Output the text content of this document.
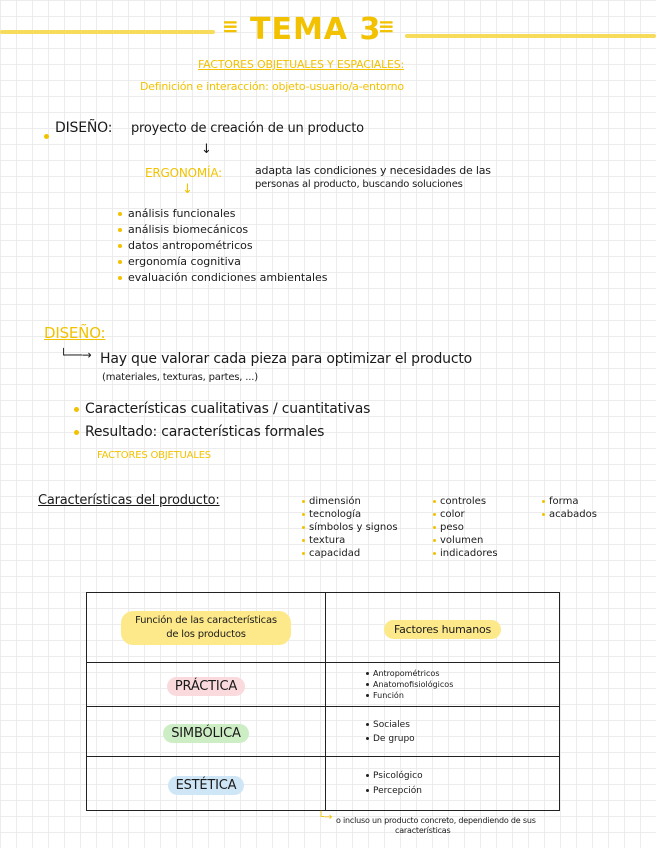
≡	≡
TEMA 3
FACTORES OBJETUALES Y ESPACIALES:
Definición e interacción: objeto-usuario/a-entorno
DISEÑO: proyecto de creación de un producto
↓
ERGONOMÍA:	adapta las condiciones y necesidades de las
personas al producto, buscando soluciones
↓
análisis funcionales
análisis biomecánicos
datos antropométricos
ergonomía cognitiva
evaluación condiciones ambientales
DISEÑO:
└──→ Hay que valorar cada pieza para optimizar el producto
(materiales, texturas, partes, ...)
Características cualitativas / cuantitativas
Resultado: características formales
FACTORES OBJETUALES
Características del producto:	dimensión
tecnología
símbolos y signos
textura
capacidad
controles
color
peso
volumen
indicadores
forma
acabados
Función de las características de los productos	Factores humanos
PRÁCTICA	Antropométricos
Anatomofisiológicos
Función

SIMBÓLICA	Sociales
De grupo

ESTÉTICA	Psicológico
Percepción
└→ o incluso un producto concreto, dependiendo de sus
características
